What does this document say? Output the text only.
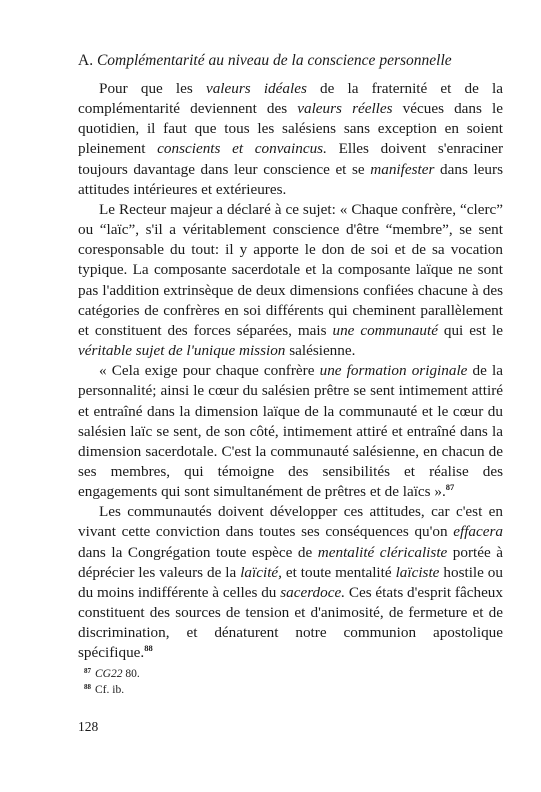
A. Complémentarité au niveau de la conscience personnelle

Pour que les valeurs idéales de la fraternité et de la complémentarité deviennent des valeurs réelles vécues dans le quotidien, il faut que tous les salésiens sans exception en soient pleinement conscients et convaincus. Elles doivent s'enraciner toujours davantage dans leur conscience et se manifester dans leurs attitudes intérieures et extérieures.

Le Recteur majeur a déclaré à ce sujet: « Chaque confrère, “clerc” ou “laïc”, s'il a véritablement conscience d'être “membre”, se sent coresponsable du tout: il y apporte le don de soi et de sa vocation typique. La composante sacerdotale et la composante laïque ne sont pas l'addition extrinsèque de deux dimensions confiées chacune à des catégories de confrères en soi différents qui cheminent parallèlement et constituent des forces séparées, mais une communauté qui est le véritable sujet de l'unique mission salésienne.

« Cela exige pour chaque confrère une formation originale de la personnalité; ainsi le cœur du salésien prêtre se sent intimement attiré et entraîné dans la dimension laïque de la communauté et le cœur du salésien laïc se sent, de son côté, intimement attiré et entraîné dans la dimension sacerdotale. C'est la communauté salésienne, en chacun de ses membres, qui témoigne des sensibilités et réalise des engagements qui sont simultanément de prêtres et de laïcs ».$^{87}$

Les communautés doivent développer ces attitudes, car c'est en vivant cette conviction dans toutes ses conséquences qu'on effacera dans la Congrégation toute espèce de mentalité cléricaliste portée à déprécier les valeurs de la laïcité, et toute mentalité laïciste hostile ou du moins indifférente à celles du sacerdoce. Ces états d'esprit fâcheux constituent des sources de tension et d'animosité, de fermeture et de discrimination, et dénaturent notre communion apostolique spécifique.$^{88}$

$^{87}$ CG22 80.
$^{88}$ Cf. ib.
128
